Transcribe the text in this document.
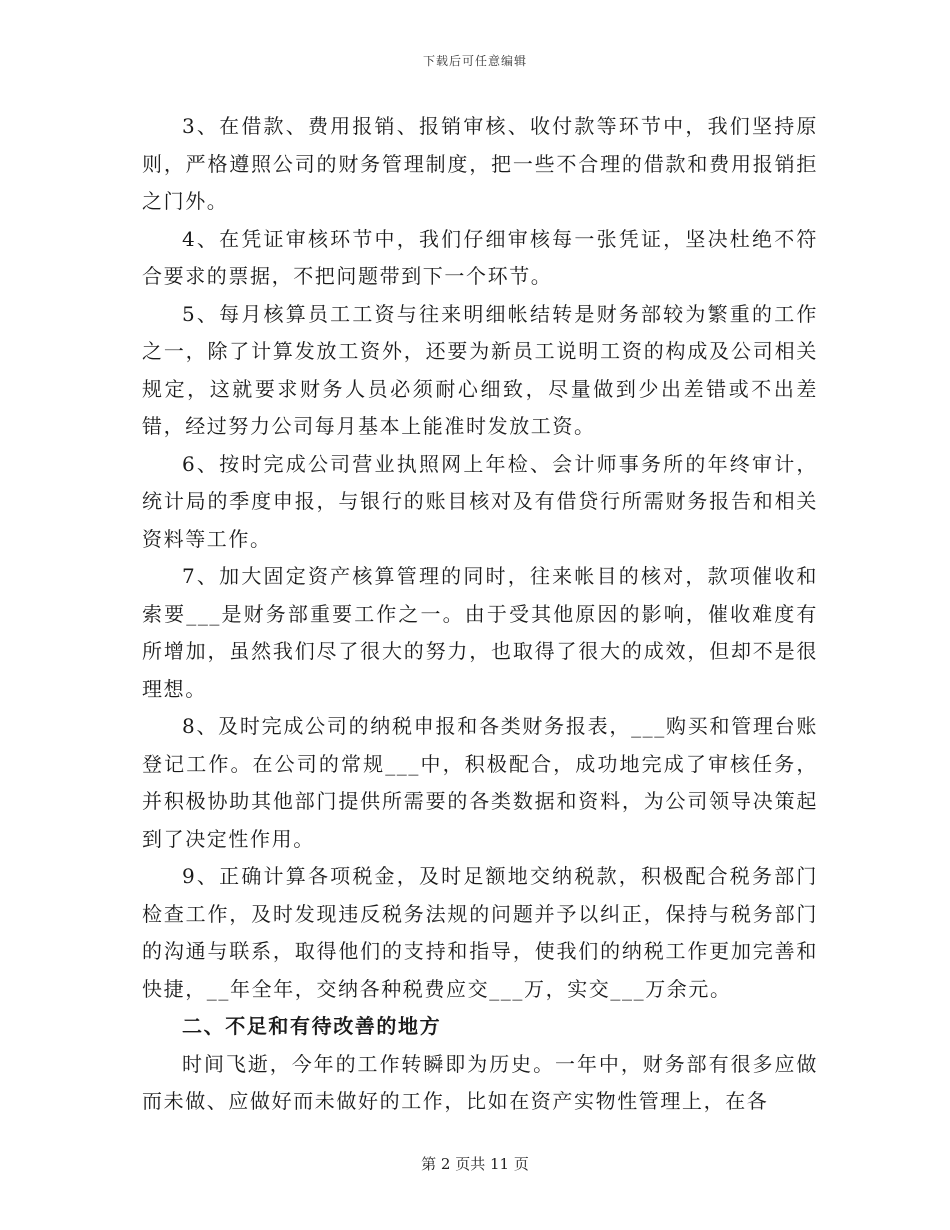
下载后可任意编辑

3、在借款、费用报销、报销审核、收付款等环节中，我们坚持原则，严格遵照公司的财务管理制度，把一些不合理的借款和费用报销拒之门外。

4、在凭证审核环节中，我们仔细审核每一张凭证，坚决杜绝不符合要求的票据，不把问题带到下一个环节。

5、每月核算员工工资与往来明细帐结转是财务部较为繁重的工作之一，除了计算发放工资外，还要为新员工说明工资的构成及公司相关规定，这就要求财务人员必须耐心细致，尽量做到少出差错或不出差错，经过努力公司每月基本上能准时发放工资。

6、按时完成公司营业执照网上年检、会计师事务所的年终审计，统计局的季度申报，与银行的账目核对及有借贷行所需财务报告和相关资料等工作。

7、加大固定资产核算管理的同时，往来帐目的核对，款项催收和索要___是财务部重要工作之一。由于受其他原因的影响，催收难度有所增加，虽然我们尽了很大的努力，也取得了很大的成效，但却不是很理想。

8、及时完成公司的纳税申报和各类财务报表，___购买和管理台账登记工作。在公司的常规___中，积极配合，成功地完成了审核任务，并积极协助其他部门提供所需要的各类数据和资料，为公司领导决策起到了决定性作用。

9、正确计算各项税金，及时足额地交纳税款，积极配合税务部门检查工作，及时发现违反税务法规的问题并予以纠正，保持与税务部门的沟通与联系，取得他们的支持和指导，使我们的纳税工作更加完善和快捷，__年全年，交纳各种税费应交___万，实交___万余元。

二、不足和有待改善的地方

时间飞逝，今年的工作转瞬即为历史。一年中，财务部有很多应做而未做、应做好而未做好的工作，比如在资产实物性管理上，在各

第 2 页共 11 页
